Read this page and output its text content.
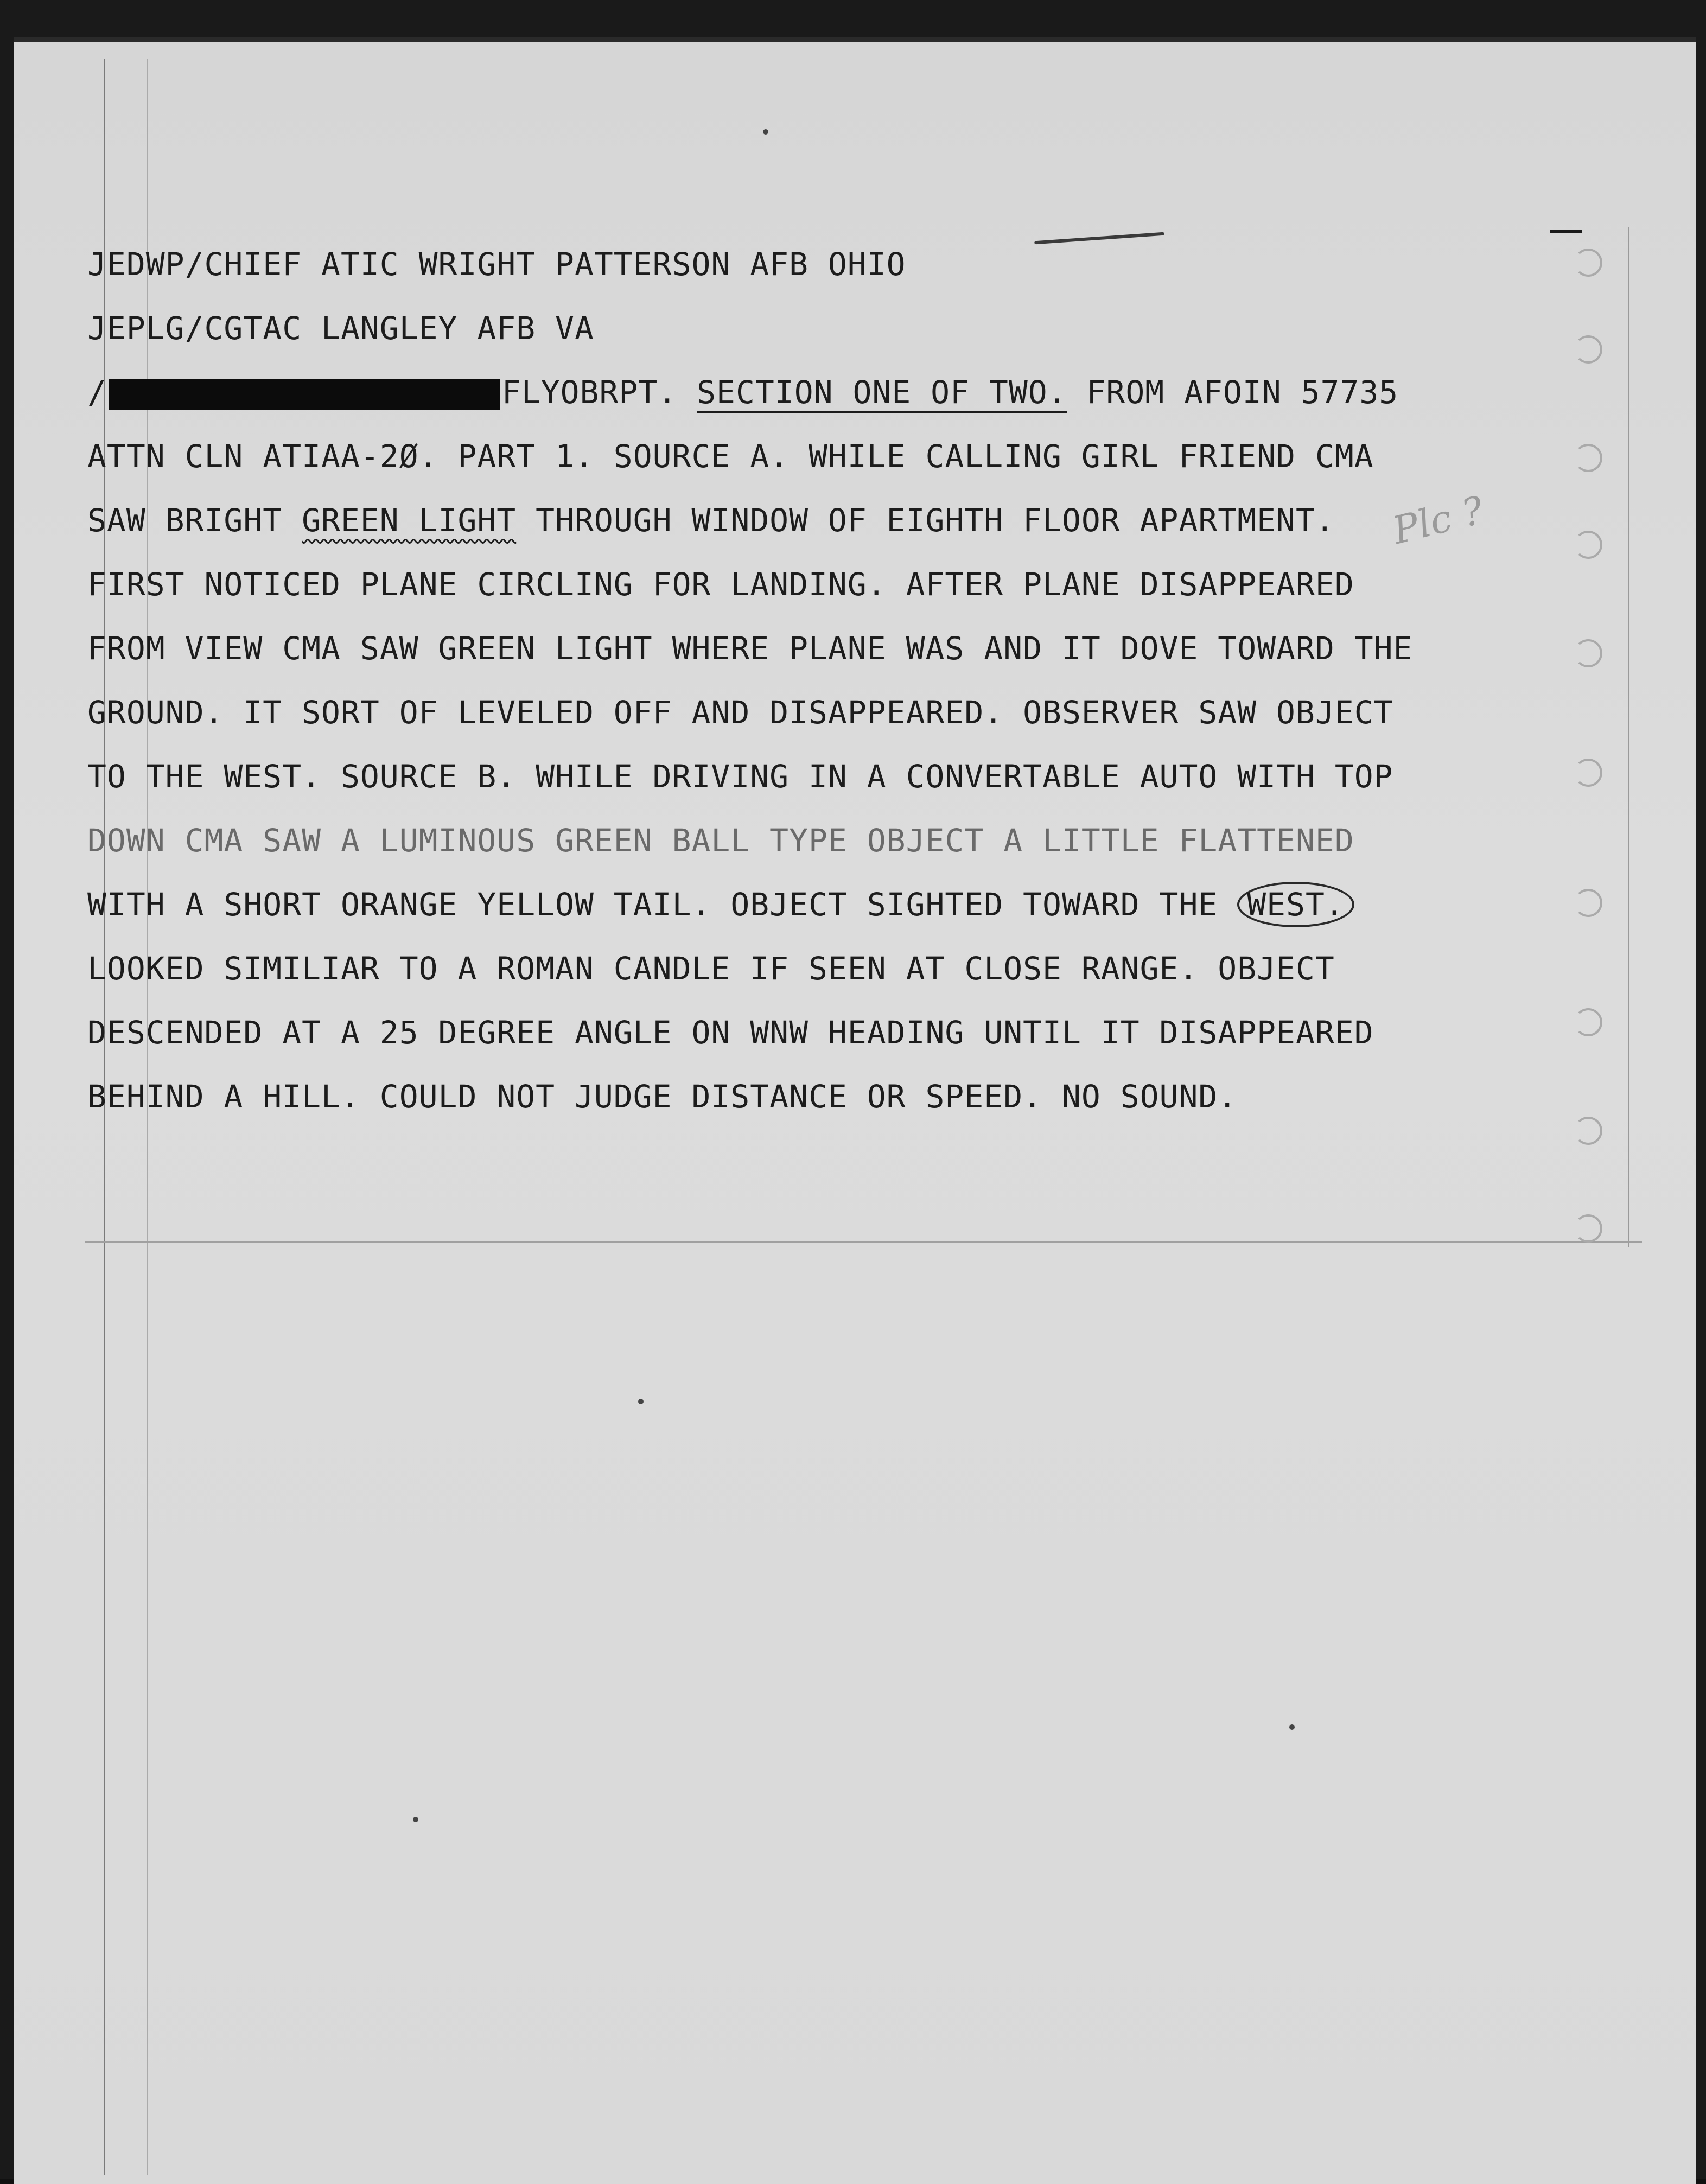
Plc ?
JEDWP/CHIEF ATIC WRIGHT PATTERSON AFB OHIO
JEPLG/CGTAC LANGLEY AFB VA
/	FLYOBRPT. SECTION ONE OF TWO. FROM AFOIN 57735
ATTN CLN ATIAA-2Ø. PART 1. SOURCE A. WHILE CALLING GIRL FRIEND CMA
SAW BRIGHT GREEN LIGHT THROUGH WINDOW OF EIGHTH FLOOR APARTMENT.
FIRST NOTICED PLANE CIRCLING FOR LANDING. AFTER PLANE DISAPPEARED
FROM VIEW CMA SAW GREEN LIGHT WHERE PLANE WAS AND IT DOVE TOWARD THE
GROUND. IT SORT OF LEVELED OFF AND DISAPPEARED. OBSERVER SAW OBJECT
TO THE WEST. SOURCE B. WHILE DRIVING IN A CONVERTABLE AUTO WITH TOP
DOWN CMA SAW A LUMINOUS GREEN BALL TYPE OBJECT A LITTLE FLATTENED
WITH A SHORT ORANGE YELLOW TAIL. OBJECT SIGHTED TOWARD THE WEST.
LOOKED SIMILIAR TO A ROMAN CANDLE IF SEEN AT CLOSE RANGE. OBJECT
DESCENDED AT A 25 DEGREE ANGLE ON WNW HEADING UNTIL IT DISAPPEARED
BEHIND A HILL. COULD NOT JUDGE DISTANCE OR SPEED. NO SOUND.
